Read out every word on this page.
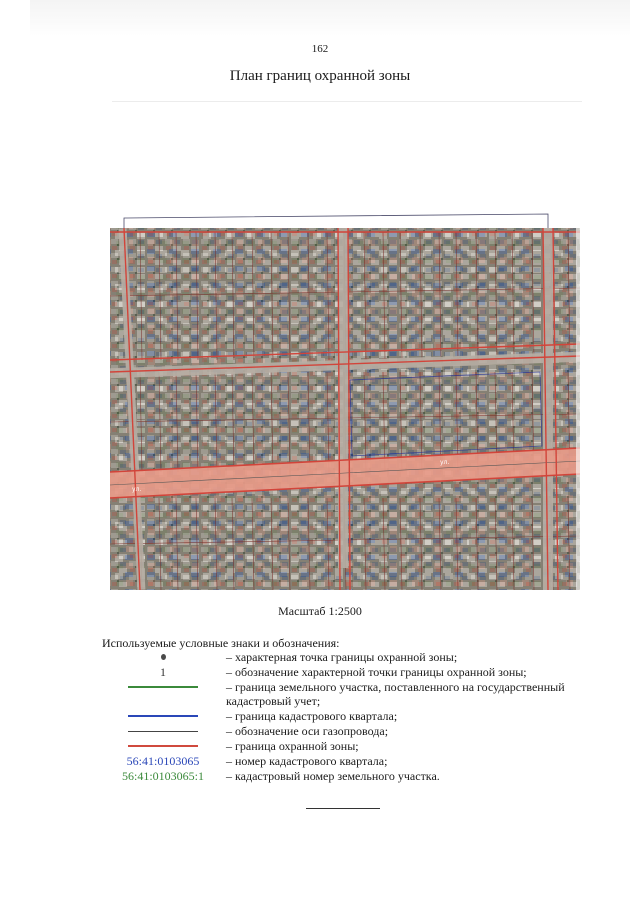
162
План границ охранной зоны
ул.
ул.
Масштаб 1:2500
Используемые условные знаки и обозначения:
– характерная точка границы охранной зоны;
1	– обозначение характерной точки границы охранной зоны;
– граница земельного участка, поставленного на государственный кадастровый учет;
– граница кадастрового квартала;
– обозначение оси газопровода;
– граница охранной зоны;
56:41:0103065 – номер кадастрового квартала;
56:41:0103065:1 – кадастровый номер земельного участка.
